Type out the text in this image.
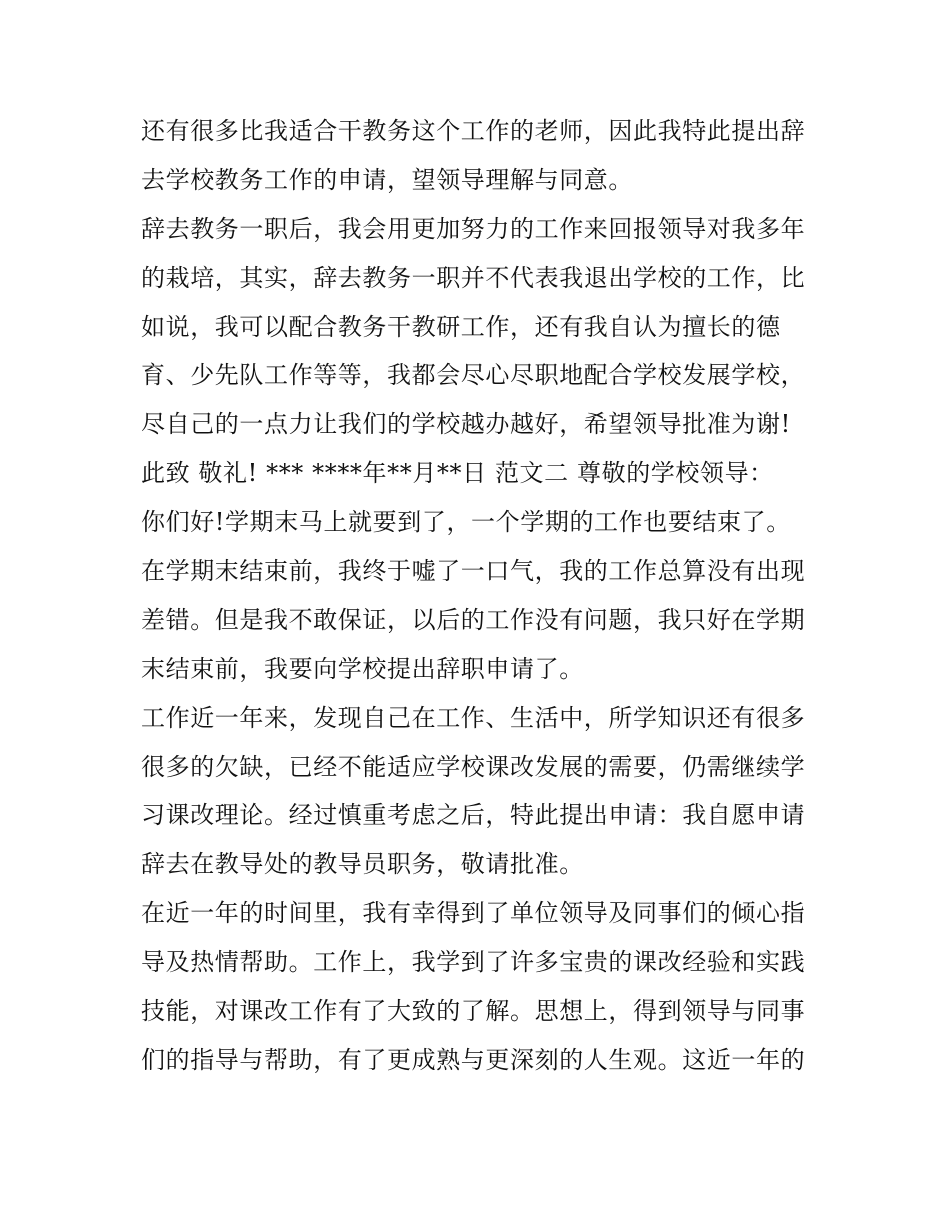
还有很多比我适合干教务这个工作的老师，因此我特此提出辞
去学校教务工作的申请，望领导理解与同意。
辞去教务一职后，我会用更加努力的工作来回报领导对我多年
的栽培，其实，辞去教务一职并不代表我退出学校的工作，比
如说，我可以配合教务干教研工作，还有我自认为擅长的德
育、少先队工作等等，我都会尽心尽职地配合学校发展学校，
尽自己的一点力让我们的学校越办越好，希望领导批准为谢!
此致 敬礼! *** ****年**月**日 范文二 尊敬的学校领导：
你们好!学期末马上就要到了，一个学期的工作也要结束了。
在学期末结束前，我终于嘘了一口气，我的工作总算没有出现
差错。但是我不敢保证，以后的工作没有问题，我只好在学期
末结束前，我要向学校提出辞职申请了。
工作近一年来，发现自己在工作、生活中，所学知识还有很多
很多的欠缺，已经不能适应学校课改发展的需要，仍需继续学
习课改理论。经过慎重考虑之后，特此提出申请：我自愿申请
辞去在教导处的教导员职务，敬请批准。
在近一年的时间里，我有幸得到了单位领导及同事们的倾心指
导及热情帮助。工作上，我学到了许多宝贵的课改经验和实践
技能，对课改工作有了大致的了解。思想上，得到领导与同事
们的指导与帮助，有了更成熟与更深刻的人生观。这近一年的
